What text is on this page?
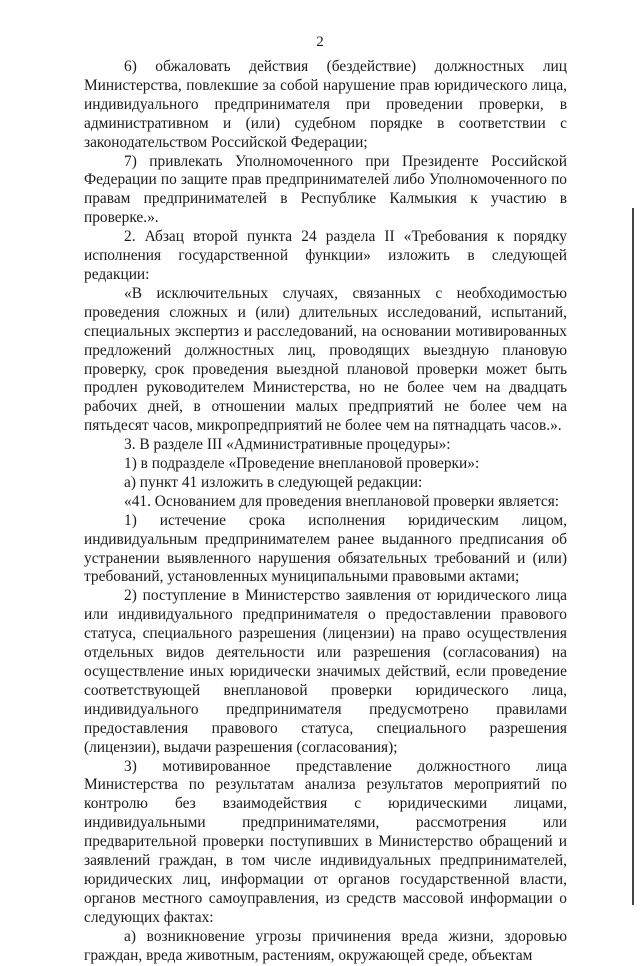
2

6) обжаловать действия (бездействие) должностных лиц Министерства, повлекшие за собой нарушение прав юридического лица, индивидуального предпринимателя при проведении проверки, в административном и (или) судебном порядке в соответствии с законодательством Российской Федерации;

7) привлекать Уполномоченного при Президенте Российской Федерации по защите прав предпринимателей либо Уполномоченного по правам предпринимателей в Республике Калмыкия к участию в проверке.».

2. Абзац второй пункта 24 раздела II «Требования к порядку исполнения государственной функции» изложить в следующей редакции:

«В исключительных случаях, связанных с необходимостью проведения сложных и (или) длительных исследований, испытаний, специальных экспертиз и расследований, на основании мотивированных предложений должностных лиц, проводящих выездную плановую проверку, срок проведения выездной плановой проверки может быть продлен руководителем Министерства, но не более чем на двадцать рабочих дней, в отношении малых предприятий не более чем на пятьдесят часов, микропредприятий не более чем на пятнадцать часов.».

3. В разделе III «Административные процедуры»:

1) в подразделе «Проведение внеплановой проверки»:

а) пункт 41 изложить в следующей редакции:

«41. Основанием для проведения внеплановой проверки является:

1) истечение срока исполнения юридическим лицом, индивидуальным предпринимателем ранее выданного предписания об устранении выявленного нарушения обязательных требований и (или) требований, установленных муниципальными правовыми актами;

2) поступление в Министерство заявления от юридического лица или индивидуального предпринимателя о предоставлении правового статуса, специального разрешения (лицензии) на право осуществления отдельных видов деятельности или разрешения (согласования) на осуществление иных юридически значимых действий, если проведение соответствующей внеплановой проверки юридического лица, индивидуального предпринимателя предусмотрено правилами предоставления правового статуса, специального разрешения (лицензии), выдачи разрешения (согласования);

3) мотивированное представление должностного лица Министерства по результатам анализа результатов мероприятий по контролю без взаимодействия с юридическими лицами, индивидуальными предпринимателями, рассмотрения или предварительной проверки поступивших в Министерство обращений и заявлений граждан, в том числе индивидуальных предпринимателей, юридических лиц, информации от органов государственной власти, органов местного самоуправления, из средств массовой информации о следующих фактах:

а) возникновение угрозы причинения вреда жизни, здоровью граждан, вреда животным, растениям, окружающей среде, объектам
